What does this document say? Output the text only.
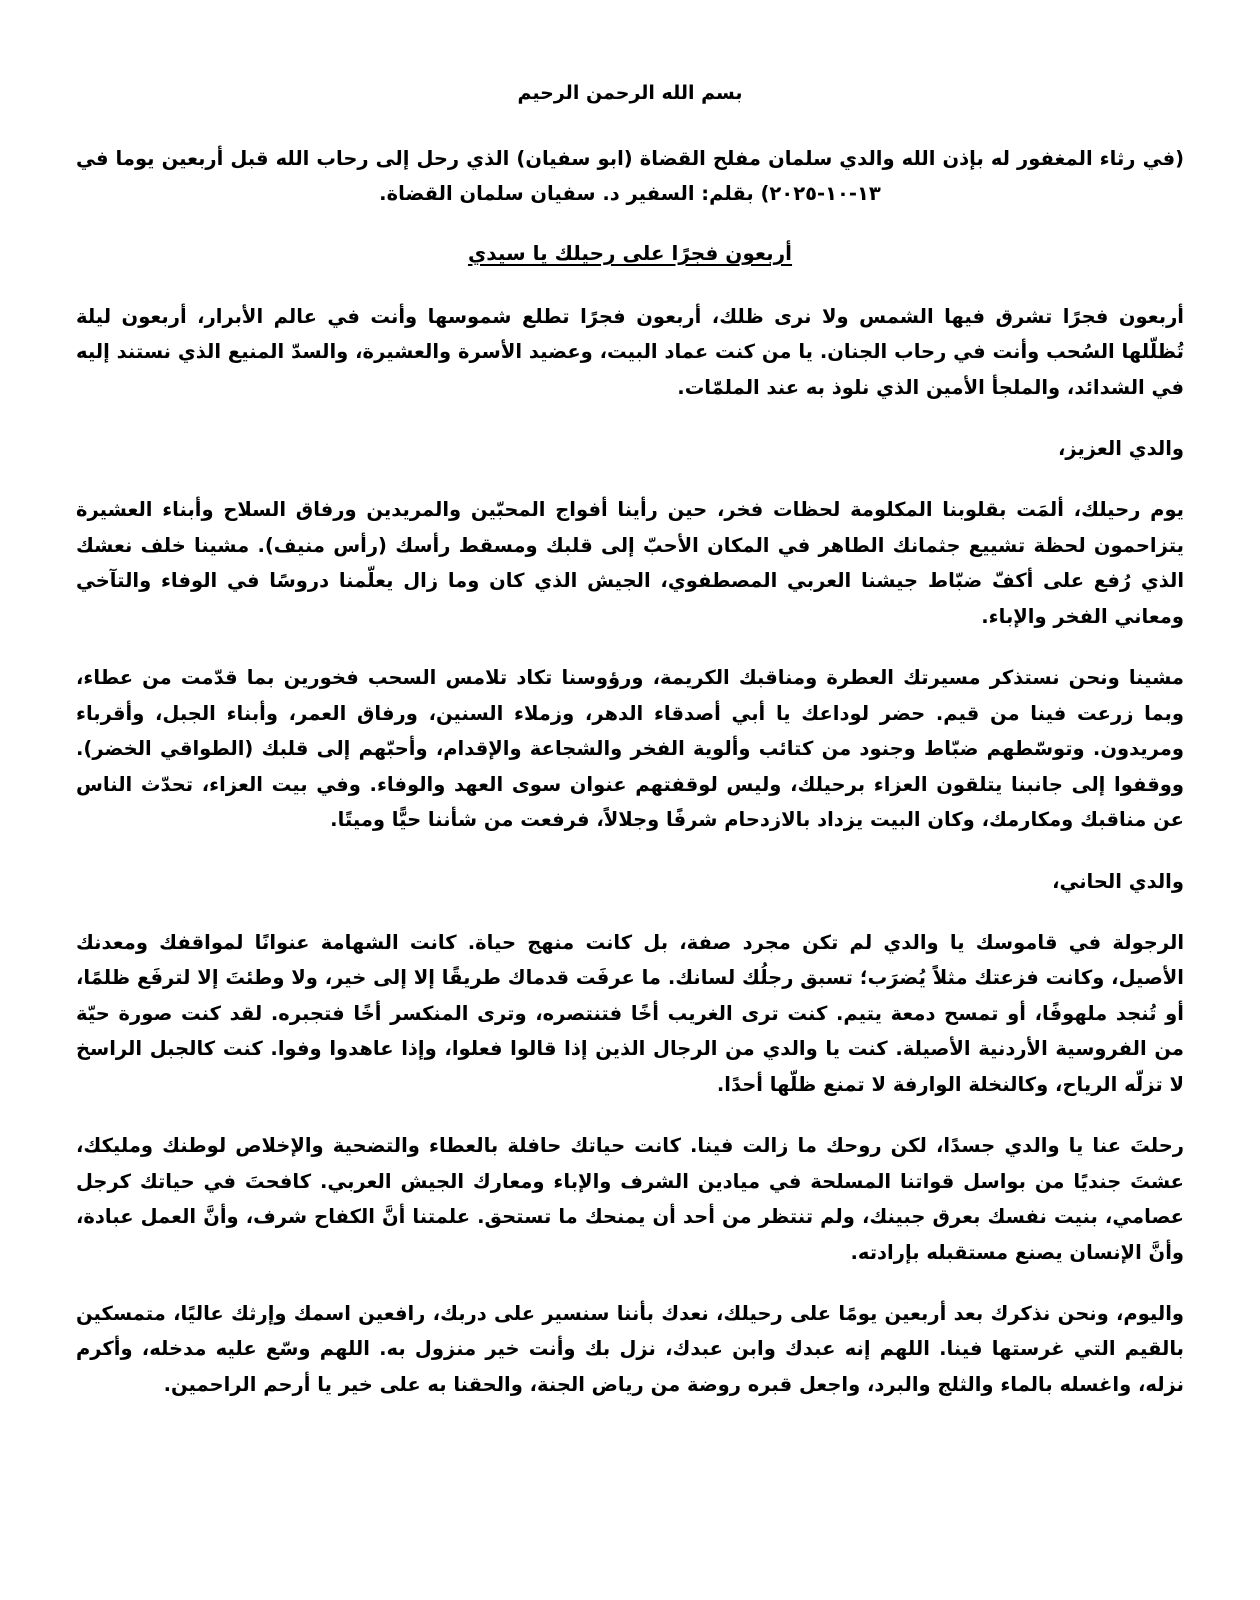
بسم الله الرحمن الرحيم
(في رثاء المغفور له بإذن الله والدي سلمان مفلح القضاة (ابو سفيان) الذي رحل إلى رحاب الله قبل أربعين يوما في ١٣-١٠-٢٠٢٥) بقلم: السفير د. سفيان سلمان القضاة.
أربعون فجرًا على رحيلك يا سيدي

أربعون فجرًا تشرق فيها الشمس ولا نرى ظلك، أربعون فجرًا تطلع شموسها وأنت في عالم الأبرار، أربعون ليلة تُظلّلها السُحب وأنت في رحاب الجنان. يا من كنت عماد البيت، وعضيد الأسرة والعشيرة، والسدّ المنيع الذي نستند إليه في الشدائد، والملجأ الأمين الذي نلوذ به عند الملمّات.

والدي العزيز،

يوم رحيلك، ألمَت بقلوبنا المكلومة لحظات فخر، حين رأينا أفواج المحبّين والمريدين ورفاق السلاح وأبناء العشيرة يتزاحمون لحظة تشييع جثمانك الطاهر في المكان الأحبّ إلى قلبك ومسقط رأسك (رأس منيف). مشينا خلف نعشك الذي رُفع على أكفّ ضبّاط جيشنا العربي المصطفوي، الجيش الذي كان وما زال يعلّمنا دروسًا في الوفاء والتآخي ومعاني الفخر والإباء.

مشينا ونحن نستذكر مسيرتك العطرة ومناقبك الكريمة، ورؤوسنا تكاد تلامس السحب فخورين بما قدّمت من عطاء، وبما زرعت فينا من قيم. حضر لوداعك يا أبي أصدقاء الدهر، وزملاء السنين، ورفاق العمر، وأبناء الجبل، وأقرباء ومريدون. وتوسّطهم ضبّاط وجنود من كتائب وألوية الفخر والشجاعة والإقدام، وأحبّهم إلى قلبك (الطواقي الخضر). ووقفوا إلى جانبنا يتلقون العزاء برحيلك، وليس لوقفتهم عنوان سوى العهد والوفاء. وفي بيت العزاء، تحدّث الناس عن مناقبك ومكارمك، وكان البيت يزداد بالازدحام شرفًا وجلالاً، فرفعت من شأننا حيًّا وميتًا.

والدي الحاني،

الرجولة في قاموسك يا والدي لم تكن مجرد صفة، بل كانت منهج حياة. كانت الشهامة عنوانًا لمواقفك ومعدنك الأصيل، وكانت فزعتك مثلاً يُضرَب؛ تسبق رجلُك لسانك. ما عرفَت قدماك طريقًا إلا إلى خير، ولا وطئتَ إلا لترفَع ظلمًا، أو تُنجد ملهوفًا، أو تمسح دمعة يتيم. كنت ترى الغريب أخًا فتنتصره، وترى المنكسر أخًا فتجبره. لقد كنت صورة حيّة من الفروسية الأردنية الأصيلة. كنت يا والدي من الرجال الذين إذا قالوا فعلوا، وإذا عاهدوا وفوا. كنت كالجبل الراسخ لا تزلّه الرياح، وكالنخلة الوارفة لا تمنع ظلّها أحدًا.

رحلتَ عنا يا والدي جسدًا، لكن روحك ما زالت فينا. كانت حياتك حافلة بالعطاء والتضحية والإخلاص لوطنك ومليكك، عشتَ جنديًا من بواسل قواتنا المسلحة في ميادين الشرف والإباء ومعارك الجيش العربي. كافحتَ في حياتك كرجل عصامي، بنيت نفسك بعرق جبينك، ولم تنتظر من أحد أن يمنحك ما تستحق. علمتنا أنَّ الكفاح شرف، وأنَّ العمل عبادة، وأنَّ الإنسان يصنع مستقبله بإرادته.

واليوم، ونحن نذكرك بعد أربعين يومًا على رحيلك، نعدك بأننا سنسير على دربك، رافعين اسمك وإرثك عاليًا، متمسكين بالقيم التي غرستها فينا. اللهم إنه عبدك وابن عبدك، نزل بك وأنت خير منزول به. اللهم وسّع عليه مدخله، وأكرم نزله، واغسله بالماء والثلج والبرد، واجعل قبره روضة من رياض الجنة، والحقنا به على خير يا أرحم الراحمين.
